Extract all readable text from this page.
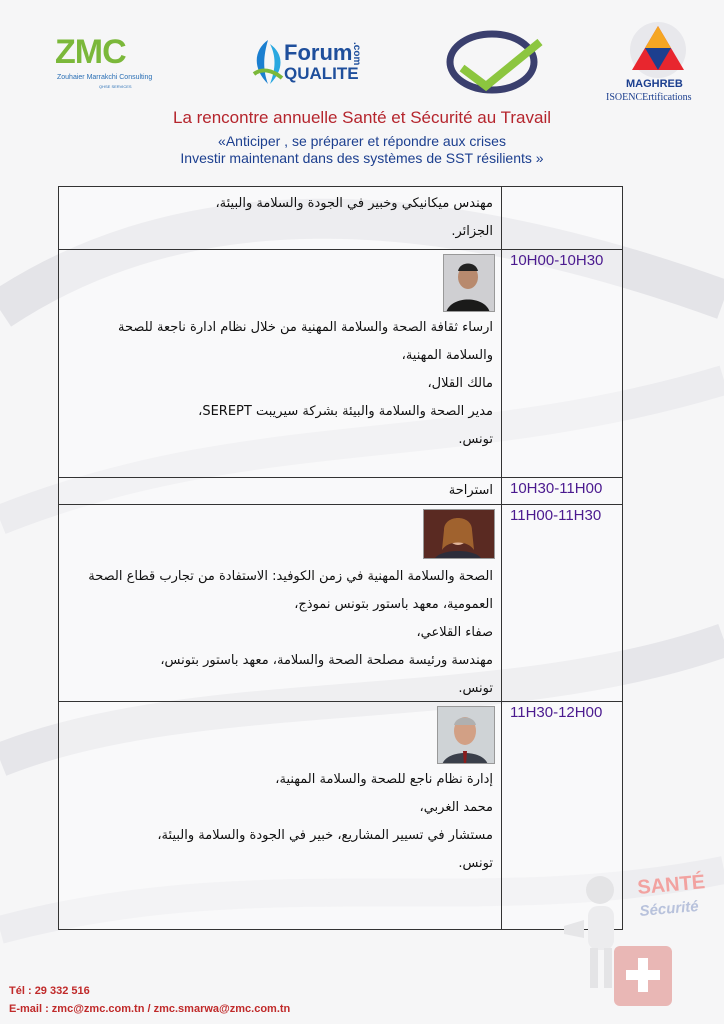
ZMC
Zouhaier Marrakchi Consulting
QHSE SERVICES
Forum
QUALITE
.com
MAGHREB
ISOENCErtifications
La rencontre annuelle Santé et Sécurité au Travail
«Anticiper , se préparer et répondre aux crises
Investir maintenant dans des systèmes de SST résilients »
مهندس ميكانيكي وخبير في الجودة والسلامة والبيئة،
الجزائر.
ارساء ثقافة الصحة والسلامة المهنية من خلال نظام ادارة ناجعة للصحة
والسلامة المهنية،
مالك القلال،
مدير الصحة والسلامة والبيئة بشركة سيريبت SEREPT،
تونس.
10H00-10H30
استراحة	10H30-11H00
الصحة والسلامة المهنية في زمن الكوفيد: الاستفادة من تجارب قطاع الصحة
العمومية، معهد باستور بتونس نموذج،
صفاء القلاعي،
مهندسة ورئيسة مصلحة الصحة والسلامة، معهد باستور بتونس،
تونس.
11H00-11H30
إدارة نظام ناجع للصحة والسلامة المهنية،
محمد الغربي،
مستشار في تسيير المشاريع، خبير في الجودة والسلامة والبيئة،
تونس.
11H30-12H00
SANTÉ
Sécurité
Tél : 29 332 516
E-mail : zmc@zmc.com.tn / zmc.smarwa@zmc.com.tn
